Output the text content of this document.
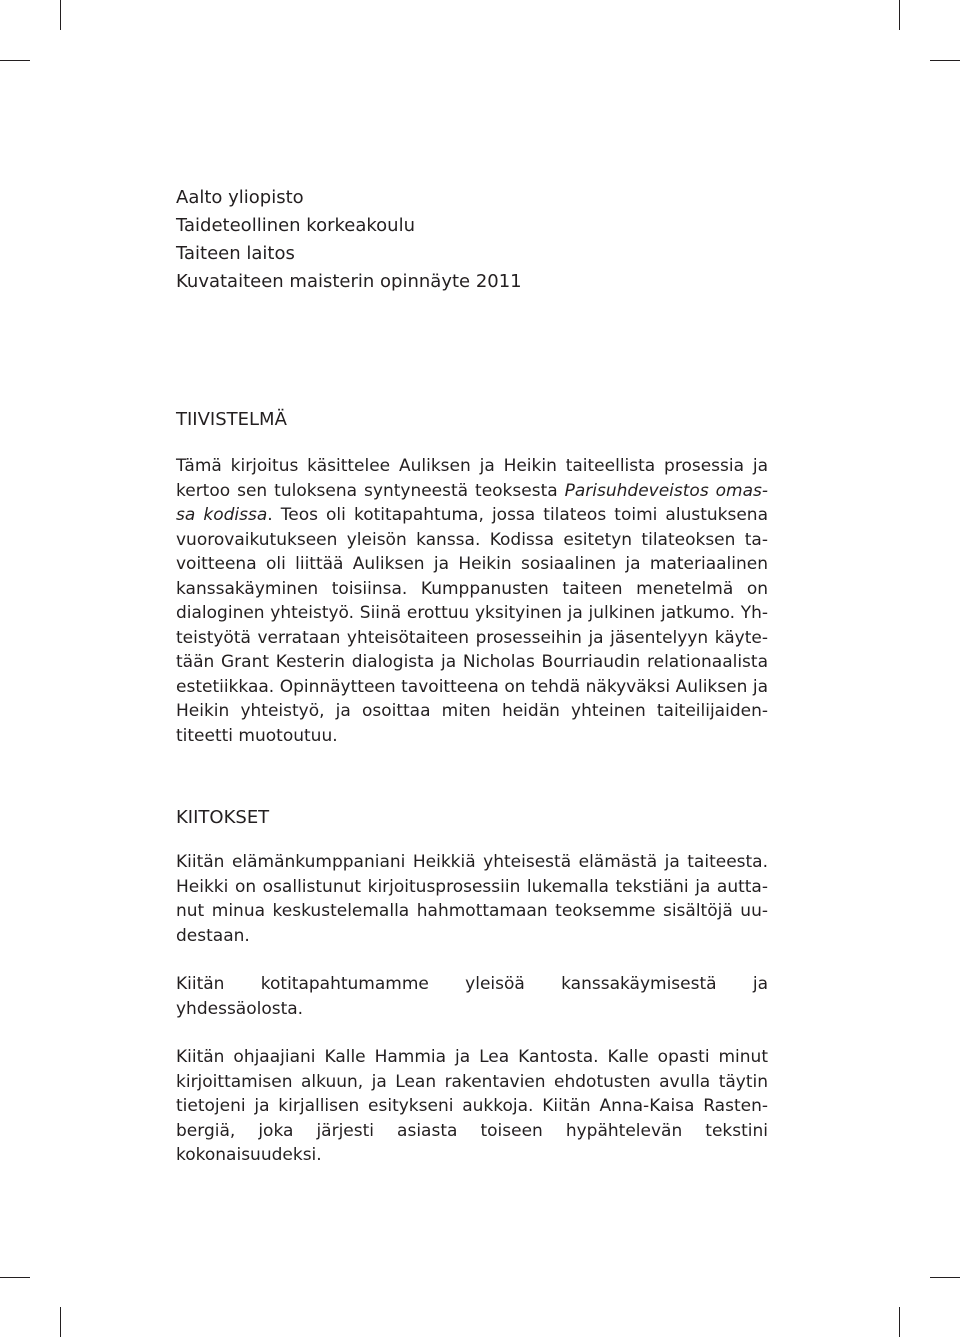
Aalto yliopisto

Taideteollinen korkeakoulu

Taiteen laitos

Kuvataiteen maisterin opinnäyte 2011

TIIVISTELMÄ

Tämä kirjoitus käsittelee Auliksen ja Heikin taiteellista prosessia ja kertoo sen tuloksena syntyneestä teoksesta Parisuhdeveistos omassa kodissa. Teos oli kotitapahtuma, jossa tilateos toimi alustuksena vuorovaikutukseen yleisön kanssa. Kodissa esitetyn tilateoksen tavoitteena oli liittää Auliksen ja Heikin sosiaalinen ja materiaalinen kanssakäyminen toisiinsa. Kumppanusten taiteen menetelmä on dialoginen yhteistyö. Siinä erottuu yksityinen ja julkinen jatkumo. Yhteistyötä verrataan yhteisötaiteen prosesseihin ja jäsentelyyn käytetään Grant Kesterin dialogista ja Nicholas Bourriaudin relationaalista estetiikkaa. Opinnäytteen tavoitteena on tehdä näkyväksi Auliksen ja Heikin yhteistyö, ja osoittaa miten heidän yhteinen taiteilijaidentiteetti muotoutuu.

KIITOKSET

Kiitän elämänkumppaniani Heikkiä yhteisestä elämästä ja taiteesta. Heikki on osallistunut kirjoitusprosessiin lukemalla tekstiäni ja auttanut minua keskustelemalla hahmottamaan teoksemme sisältöjä uudestaan.

Kiitän kotitapahtumamme yleisöä kanssakäymisestä ja yhdessäolosta.

Kiitän ohjaajiani Kalle Hammia ja Lea Kantosta. Kalle opasti minut kirjoittamisen alkuun, ja Lean rakentavien ehdotusten avulla täytin tietojeni ja kirjallisen esitykseni aukkoja. Kiitän Anna-Kaisa Rastenbergiä, joka järjesti asiasta toiseen hypähtelevän tekstini kokonaisuudeksi.
